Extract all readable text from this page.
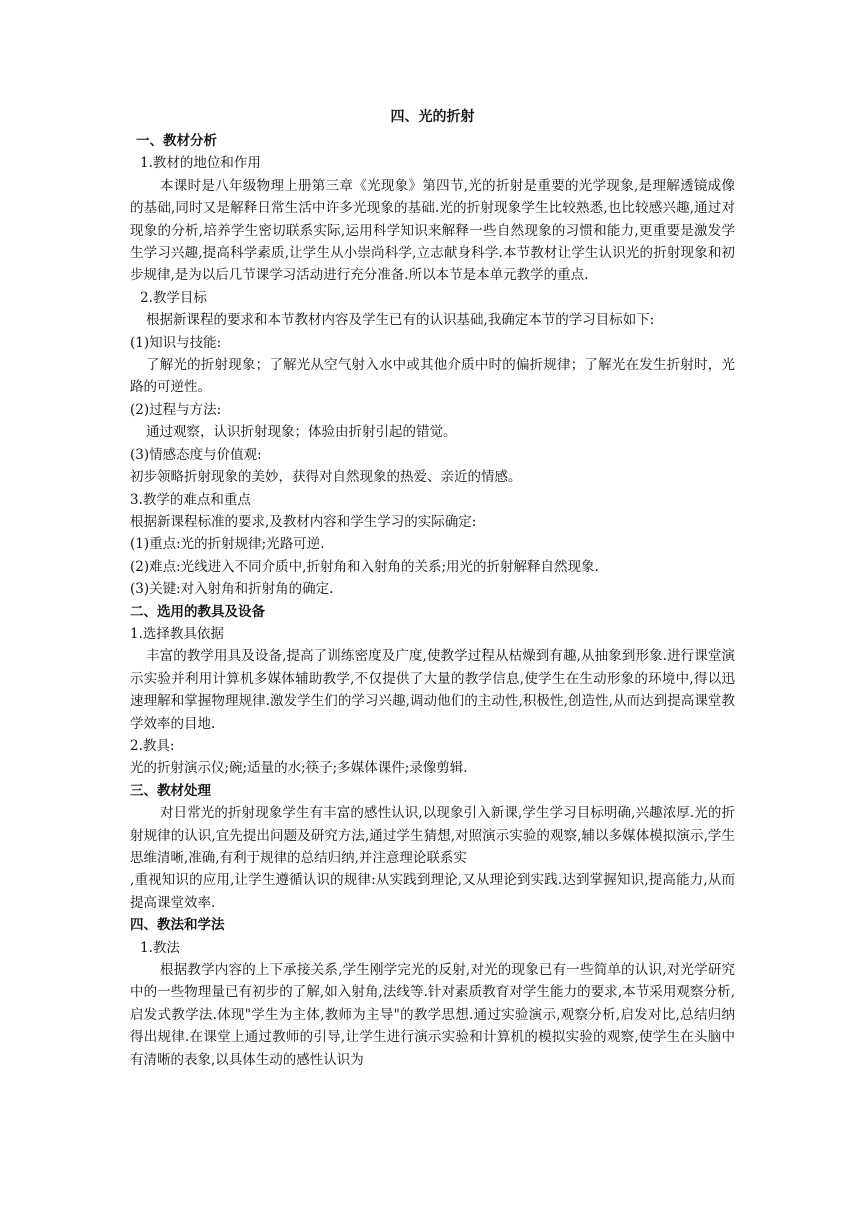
四、光的折射
一、教材分析
1.教材的地位和作用
本课时是八年级物理上册第三章《光现象》第四节,光的折射是重要的光学现象,是理解透镜成像的基础,同时又是解释日常生活中许多光现象的基础.光的折射现象学生比较熟悉,也比较感兴趣,通过对现象的分析,培养学生密切联系实际,运用科学知识来解释一些自然现象的习惯和能力,更重要是激发学生学习兴趣,提高科学素质,让学生从小崇尚科学,立志献身科学.本节教材让学生认识光的折射现象和初步规律,是为以后几节课学习活动进行充分准备.所以本节是本单元教学的重点.
2.教学目标
根据新课程的要求和本节教材内容及学生已有的认识基础,我确定本节的学习目标如下:
(1)知识与技能:
了解光的折射现象；了解光从空气射入水中或其他介质中时的偏折规律；了解光在发生折射时，光路的可逆性。
(2)过程与方法:
通过观察，认识折射现象；体验由折射引起的错觉。
(3)情感态度与价值观:
初步领略折射现象的美妙，获得对自然现象的热爱、亲近的情感。
3.教学的难点和重点
根据新课程标准的要求,及教材内容和学生学习的实际确定:
(1)重点:光的折射规律;光路可逆.
(2)难点:光线进入不同介质中,折射角和入射角的关系;用光的折射解释自然现象.
(3)关键:对入射角和折射角的确定.
二、选用的教具及设备
1.选择教具依据
丰富的教学用具及设备,提高了训练密度及广度,使教学过程从枯燥到有趣,从抽象到形象.进行课堂演示实验并利用计算机多媒体辅助教学,不仅提供了大量的教学信息,使学生在生动形象的环境中,得以迅速理解和掌握物理规律.激发学生们的学习兴趣,调动他们的主动性,积极性,创造性,从而达到提高课堂教学效率的目地.
2.教具:
光的折射演示仪;碗;适量的水;筷子;多媒体课件;录像剪辑.
三、教材处理
对日常光的折射现象学生有丰富的感性认识,以现象引入新课,学生学习目标明确,兴趣浓厚.光的折射规律的认识,宜先提出问题及研究方法,通过学生猜想,对照演示实验的观察,辅以多媒体模拟演示,学生思维清晰,准确,有利于规律的总结归纳,并注意理论联系实
,重视知识的应用,让学生遵循认识的规律:从实践到理论,又从理论到实践.达到掌握知识,提高能力,从而提高课堂效率.
四、教法和学法
1.教法
根据教学内容的上下承接关系,学生刚学完光的反射,对光的现象已有一些简单的认识,对光学研究中的一些物理量已有初步的了解,如入射角,法线等.针对素质教育对学生能力的要求,本节采用观察分析,启发式教学法.体现"学生为主体,教师为主导"的教学思想.通过实验演示,观察分析,启发对比,总结归纳得出规律.在课堂上通过教师的引导,让学生进行演示实验和计算机的模拟实验的观察,使学生在头脑中有清晰的表象,以具体生动的感性认识为
